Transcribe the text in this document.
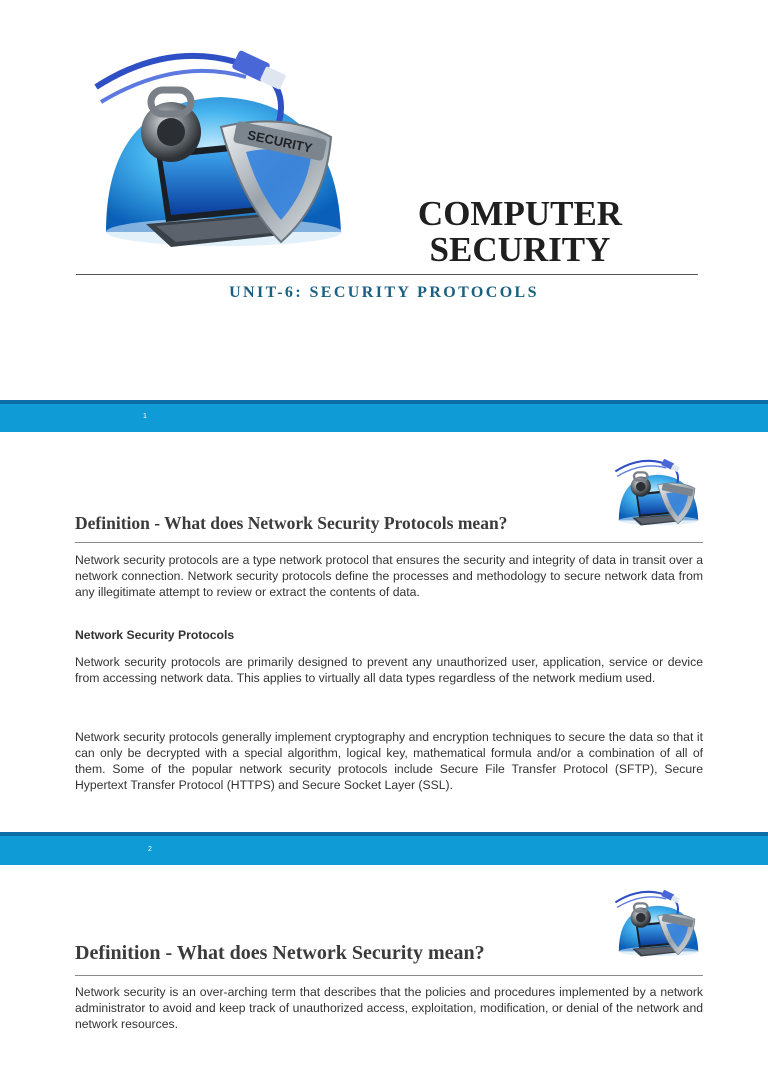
SECURITY
COMPUTER
SECURITY
UNIT-6: SECURITY PROTOCOLS
1
Definition - What does Network Security Protocols mean?

Network security protocols are a type network protocol that ensures the security and integrity of data in transit over a network connection. Network security protocols define the processes and methodology to secure network data from any illegitimate attempt to review or extract the contents of data.

Network Security Protocols

Network security protocols are primarily designed to prevent any unauthorized user, application, service or device from accessing network data. This applies to virtually all data types regardless of the network medium used.

Network security protocols generally implement cryptography and encryption techniques to secure the data so that it can only be decrypted with a special algorithm, logical key, mathematical formula and/or a combination of all of them. Some of the popular network security protocols include Secure File Transfer Protocol (SFTP), Secure Hypertext Transfer Protocol (HTTPS) and Secure Socket Layer (SSL).

2
Definition - What does Network Security mean?

Network security is an over-arching term that describes that the policies and procedures implemented by a network administrator to avoid and keep track of unauthorized access, exploitation, modification, or denial of the network and network resources.
